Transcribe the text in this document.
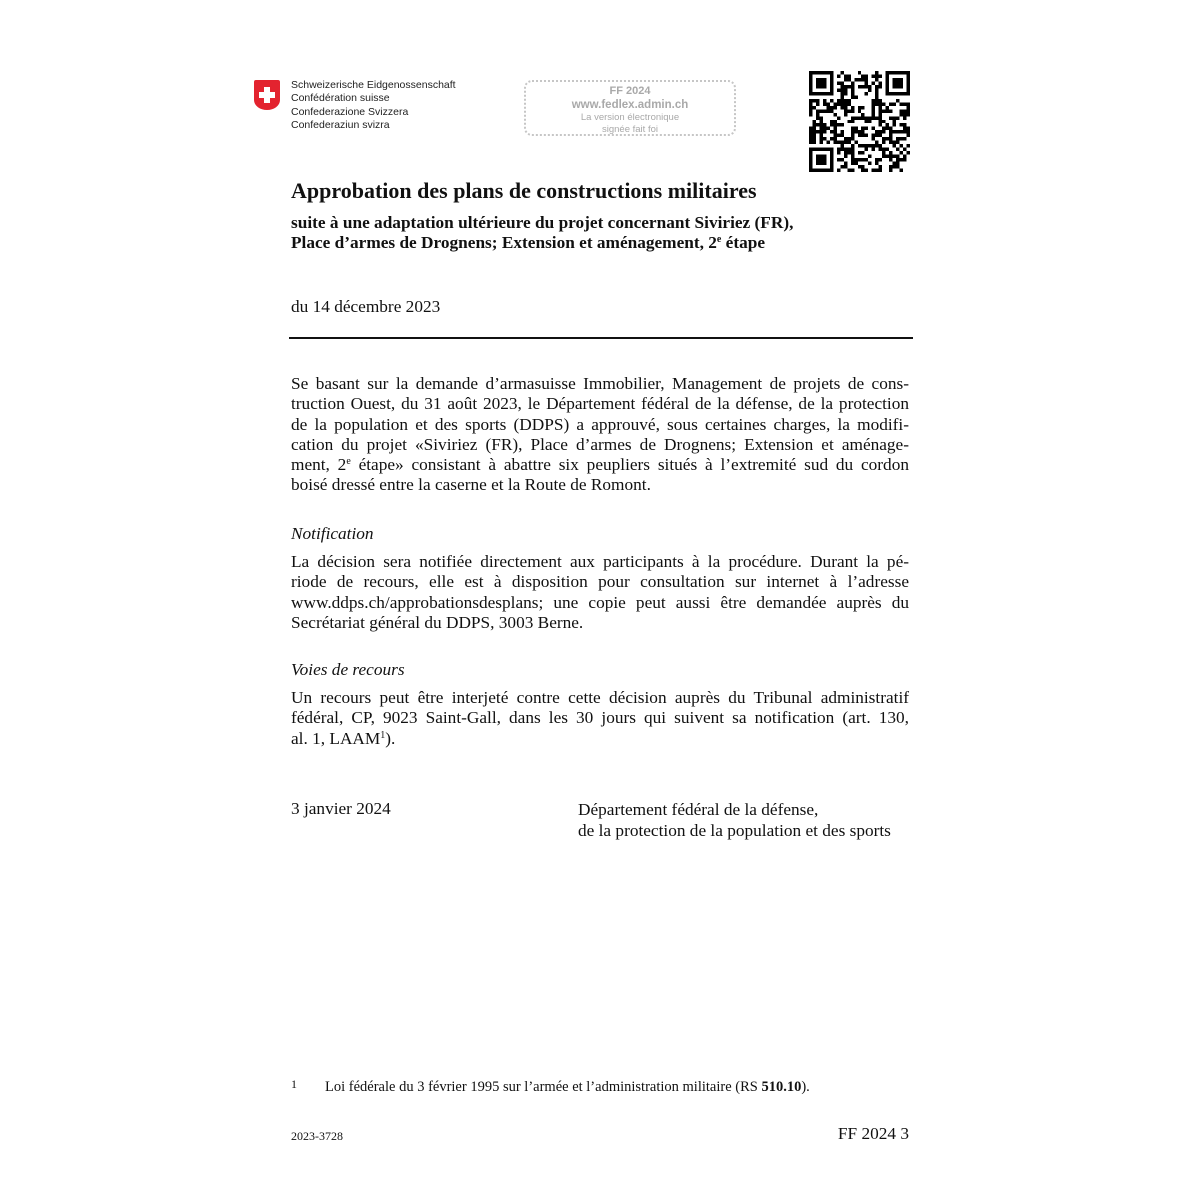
Schweizerische Eidgenossenschaft
Confédération suisse
Confederazione Svizzera
Confederaziun svizra
FF 2024
www.fedlex.admin.ch
La version électronique
signée fait foi
Approbation des plans de constructions militaires
suite à une adaptation ultérieure du projet concernant Siviriez (FR),
Place d’armes de Drognens; Extension et aménagement, 2e étape
du 14 décembre 2023
Se basant sur la demande d’armasuisse Immobilier, Management de projets de cons-
truction Ouest, du 31 août 2023, le Département fédéral de la défense, de la protection
de la population et des sports (DDPS) a approuvé, sous certaines charges, la modifi-
cation du projet «Siviriez (FR), Place d’armes de Drognens; Extension et aménage-
ment, 2e étape» consistant à abattre six peupliers situés à l’extremité sud du cordon
boisé dressé entre la caserne et la Route de Romont.
Notification
La décision sera notifiée directement aux participants à la procédure. Durant la pé-
riode de recours, elle est à disposition pour consultation sur internet à l’adresse
www.ddps.ch/approbationsdesplans; une copie peut aussi être demandée auprès du
Secrétariat général du DDPS, 3003 Berne.
Voies de recours
Un recours peut être interjeté contre cette décision auprès du Tribunal administratif
fédéral, CP, 9023 Saint-Gall, dans les 30 jours qui suivent sa notification (art. 130,
al. 1, LAAM$^1$).
3 janvier 2024	Département fédéral de la défense,
de la protection de la population et des sports
1 Loi fédérale du 3 février 1995 sur l’armée et l’administration militaire (RS 510.10).
2023-3728	FF 2024 3
